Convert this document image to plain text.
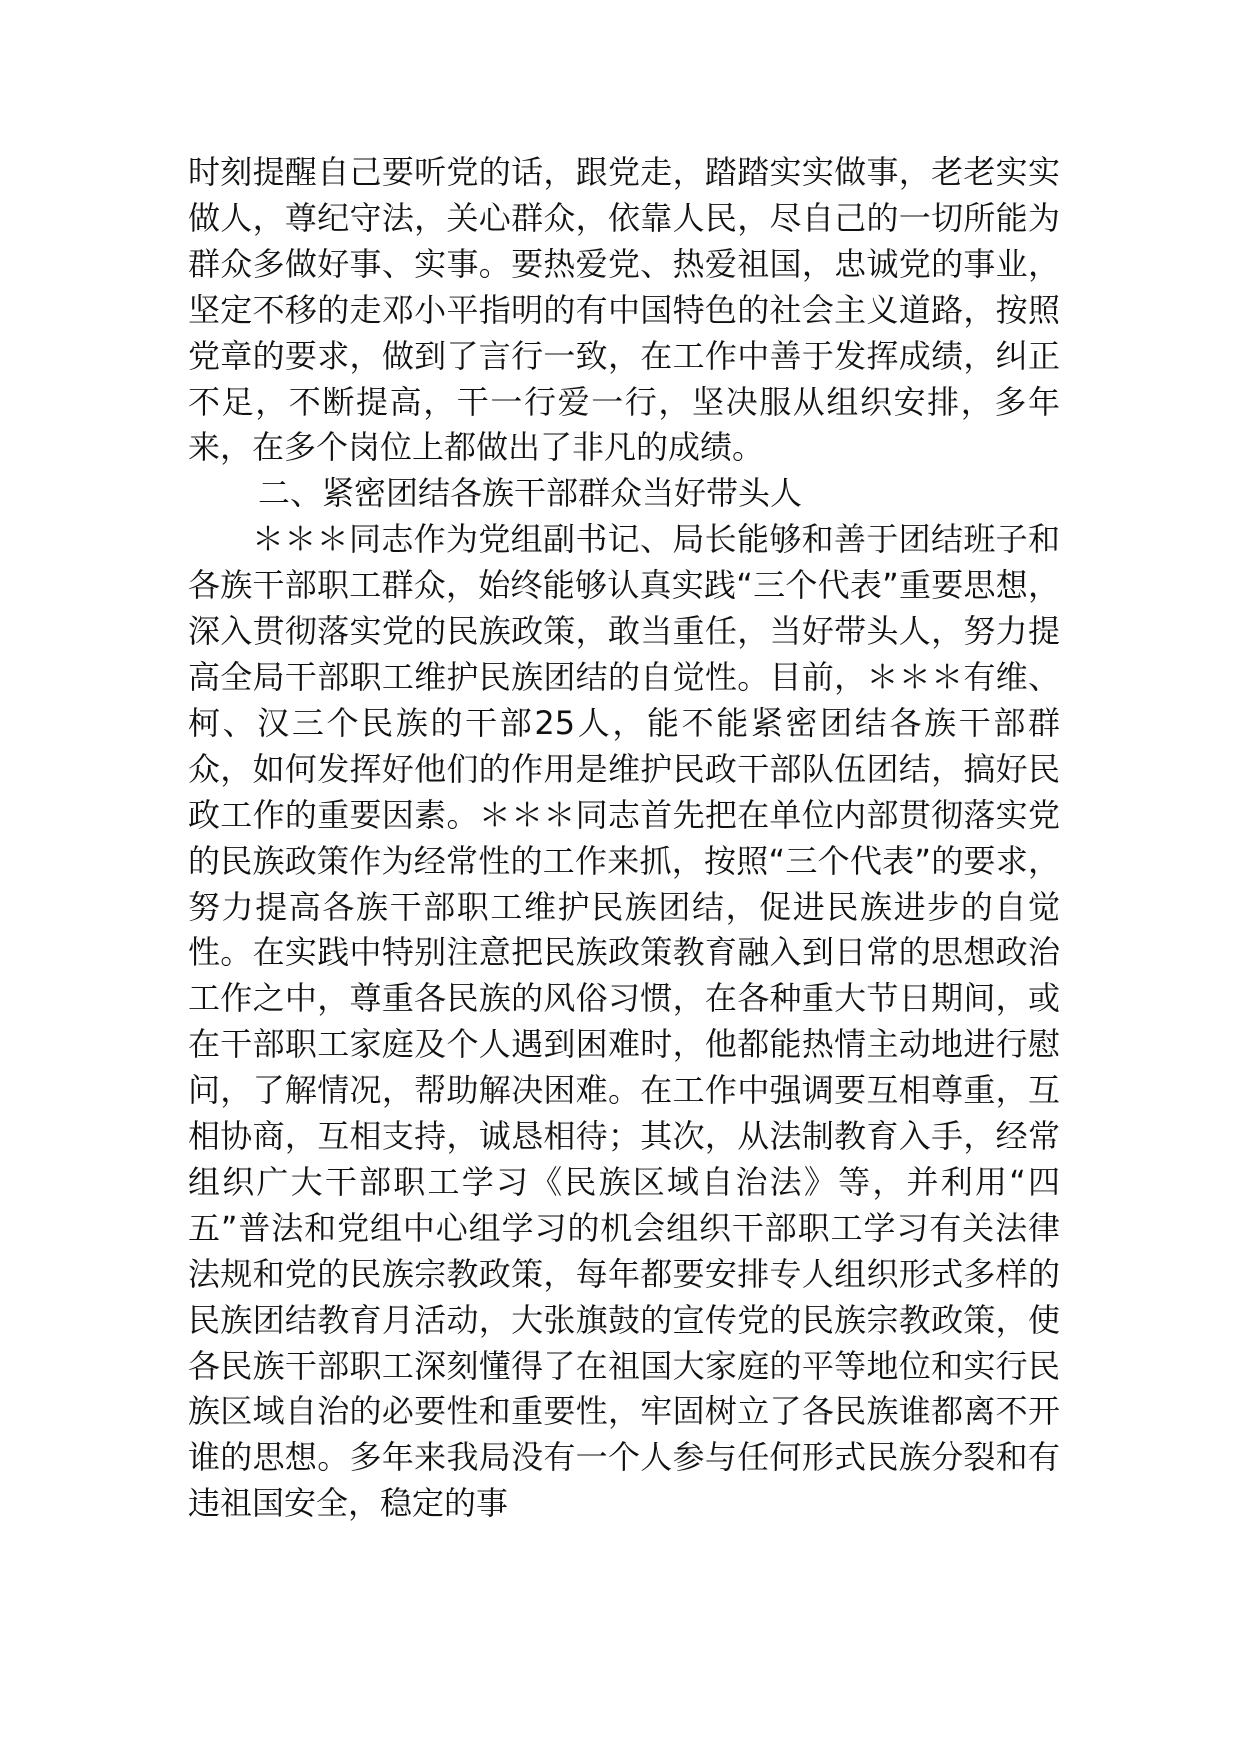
时刻提醒自己要听党的话，跟党走，踏踏实实做事，老老实实做人，尊纪守法，关心群众，依靠人民，尽自己的一切所能为群众多做好事、实事。要热爱党、热爱祖国，忠诚党的事业，坚定不移的走邓小平指明的有中国特色的社会主义道路，按照党章的要求，做到了言行一致，在工作中善于发挥成绩，纠正不足，不断提高，干一行爱一行，坚决服从组织安排，多年来，在多个岗位上都做出了非凡的成绩。

二、紧密团结各族干部群众当好带头人

＊＊＊同志作为党组副书记、局长能够和善于团结班子和各族干部职工群众，始终能够认真实践“三个代表”重要思想，深入贯彻落实党的民族政策，敢当重任，当好带头人，努力提高全局干部职工维护民族团结的自觉性。目前，＊＊＊有维、柯、汉三个民族的干部25人，能不能紧密团结各族干部群众，如何发挥好他们的作用是维护民政干部队伍团结，搞好民政工作的重要因素。＊＊＊同志首先把在单位内部贯彻落实党的民族政策作为经常性的工作来抓，按照“三个代表”的要求，努力提高各族干部职工维护民族团结，促进民族进步的自觉性。在实践中特别注意把民族政策教育融入到日常的思想政治工作之中，尊重各民族的风俗习惯，在各种重大节日期间，或在干部职工家庭及个人遇到困难时，他都能热情主动地进行慰问，了解情况，帮助解决困难。在工作中强调要互相尊重，互相协商，互相支持，诚恳相待；其次，从法制教育入手，经常组织广大干部职工学习《民族区域自治法》等，并利用“四五”普法和党组中心组学习的机会组织干部职工学习有关法律法规和党的民族宗教政策，每年都要安排专人组织形式多样的民族团结教育月活动，大张旗鼓的宣传党的民族宗教政策，使各民族干部职工深刻懂得了在祖国大家庭的平等地位和实行民族区域自治的必要性和重要性，牢固树立了各民族谁都离不开谁的思想。多年来我局没有一个人参与任何形式民族分裂和有违祖国安全，稳定的事
